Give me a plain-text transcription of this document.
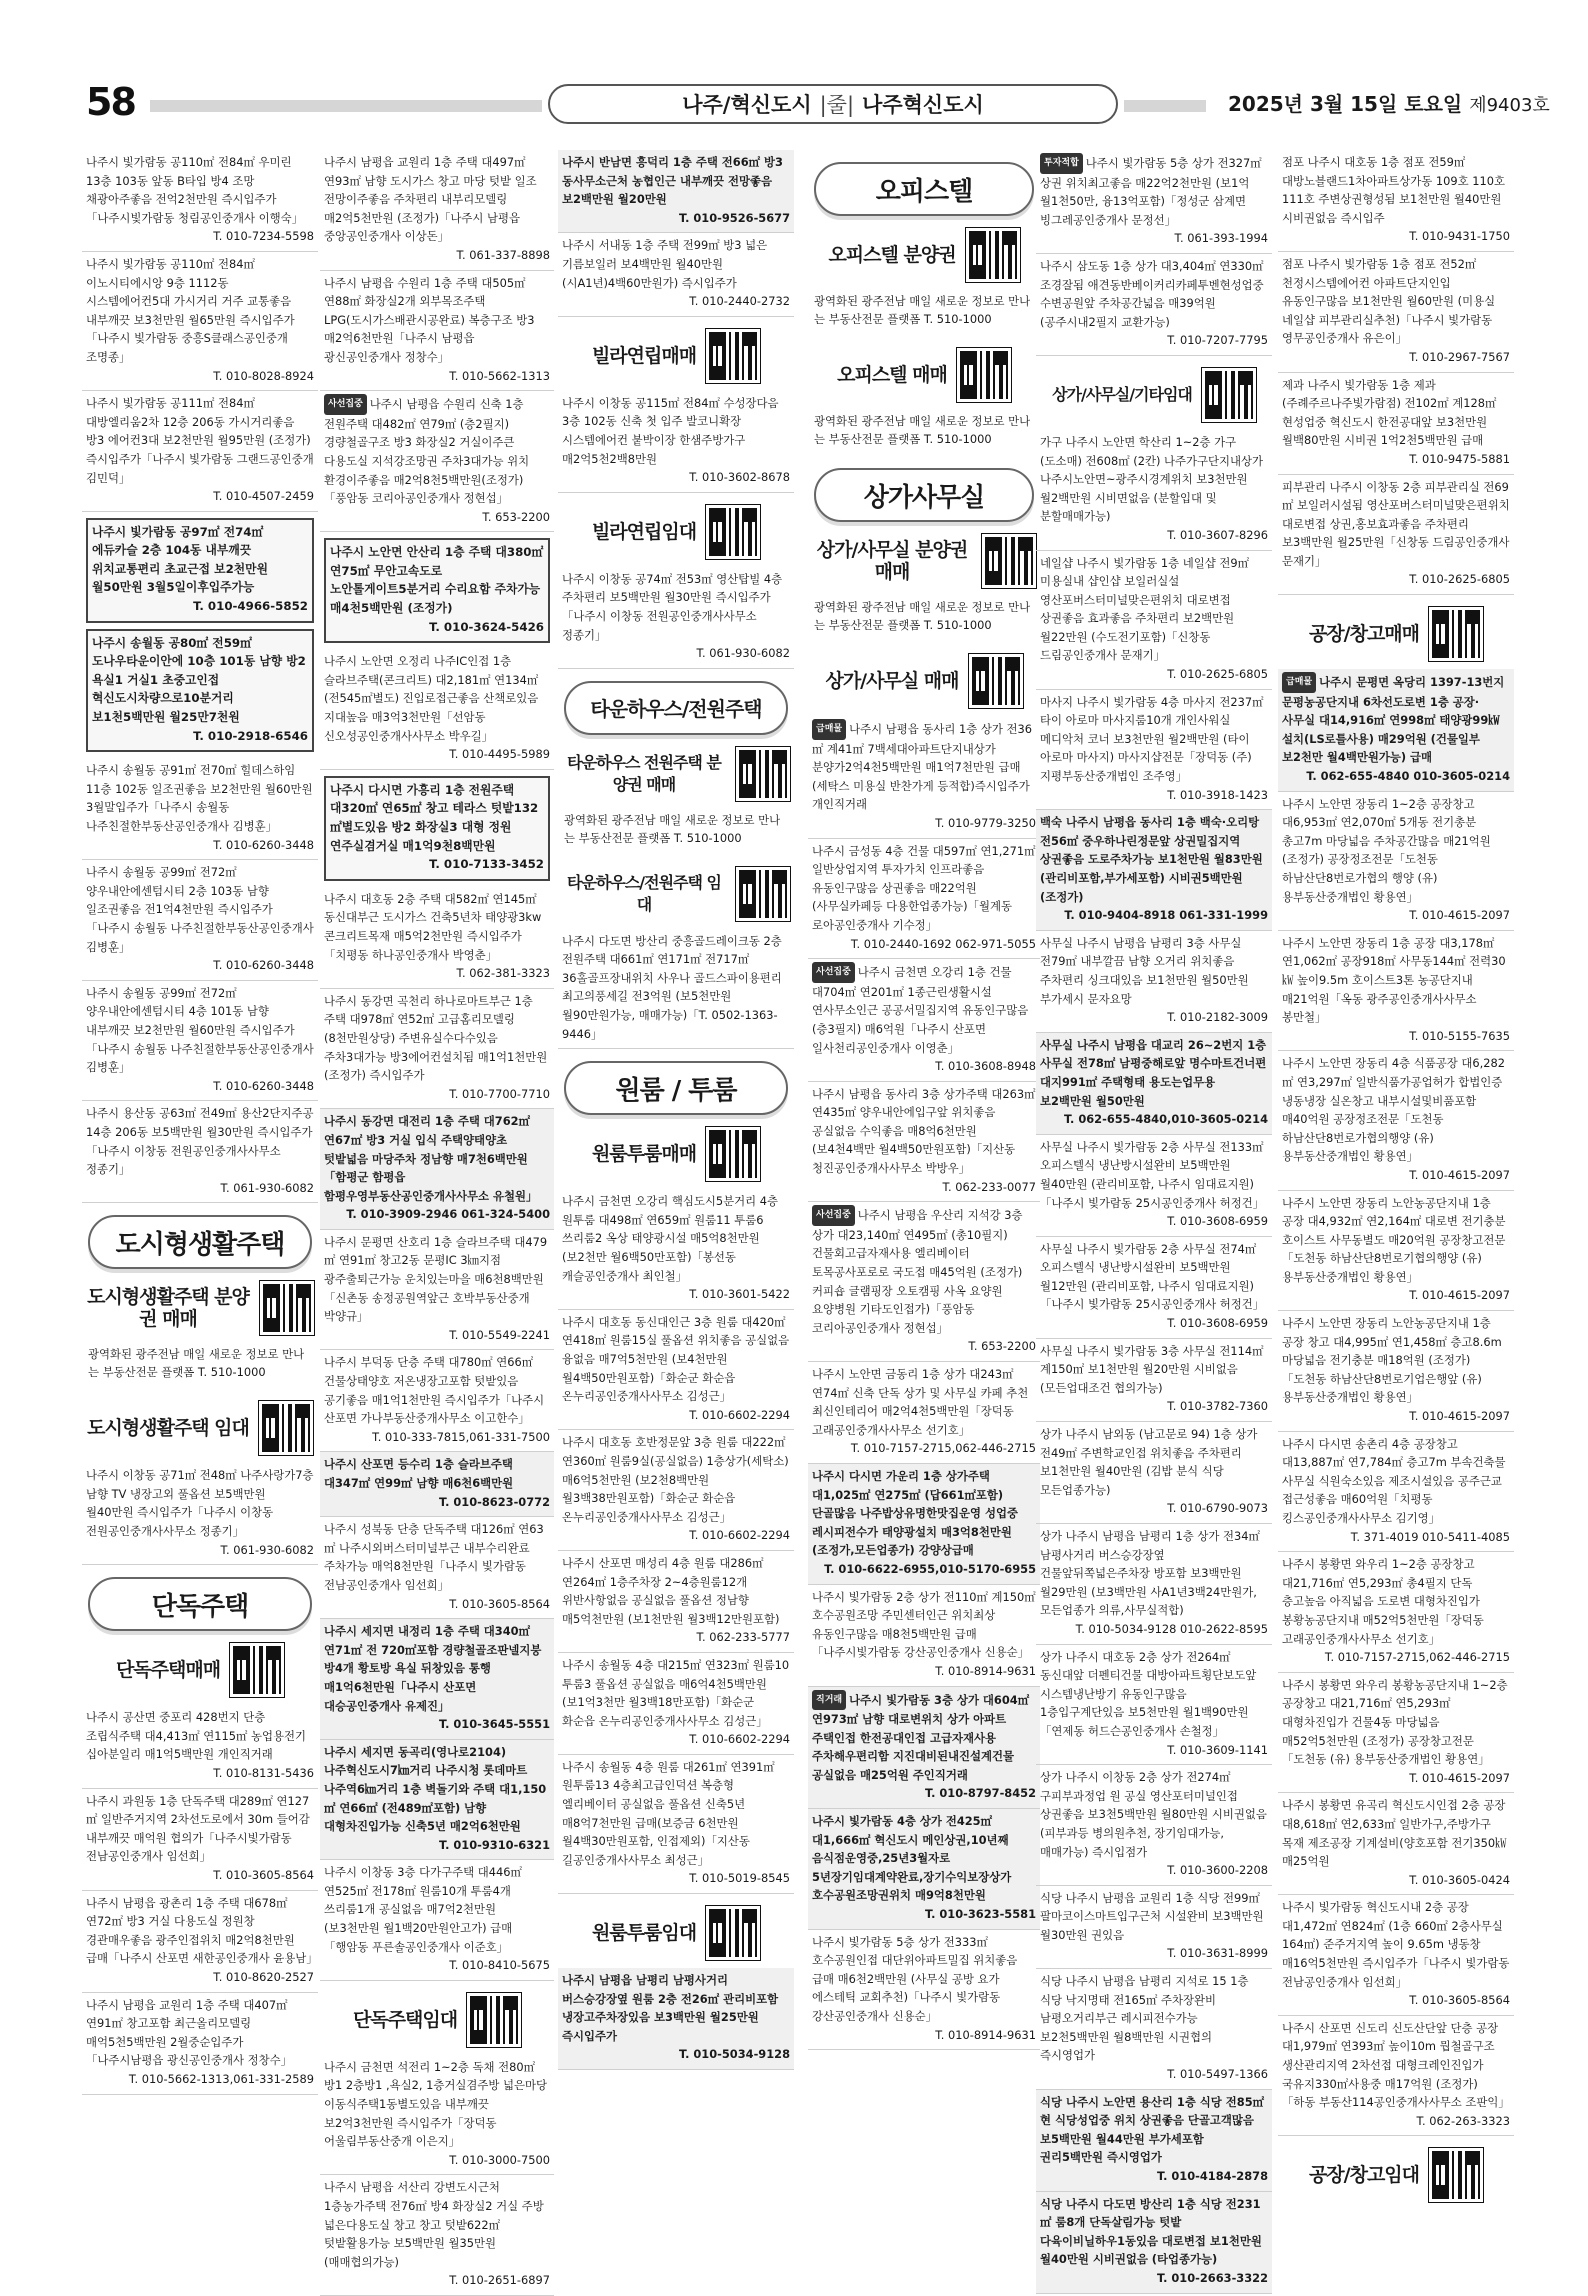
58	나주/혁신도시 |줄| 나주혁신도시	2025년 3월 15일 토요일 제9403호
나주시 빛가람동 공110㎡ 전84㎡ 우미린 13층 103동 앞동 B타입 방4 조망 채광아주좋음 전억2천만원 즉시입주가「나주시빛가람동 청림공인중개사 이행숙」
T. 010-7234-5598
나주시 빛가람동 공110㎡ 전84㎡ 이노시티에시앙 9층 1112동 시스템에어컨5대 가시거리 거주 교통좋음 내부깨끗 보3천만원 월65만원 즉시입주가「나주시 빛가람동 중흥S클래스공인중개 조명종」
T. 010-8028-8924
나주시 빛가람동 공111㎡ 전84㎡ 대방엘리움2차 12층 206동 가시거리좋음 방3 에어컨3대 보2천만원 월95만원 (조정가)즉시입주가「나주시 빛가람동 그랜드공인중개 김민덕」
T. 010-4507-2459
나주시 빛가람동 공97㎡ 전74㎡ 에듀카슬 2층 104동 내부깨끗 위치교통편리 초교근접 보2천만원 월50만원 3월5일이후입주가능
T. 010-4966-5852
나주시 송월동 공80㎡ 전59㎡ 도나우타운이안에 10층 101동 남향 방2 욕실1 거실1 초중고인접 혁신도시차량으로10분거리 보1천5백만원 월25만7천원
T. 010-2918-6546
나주시 송월동 공91㎡ 전70㎡ 힐데스하임 11층 102동 일조권좋음 보2천만원 월60만원 3월말입주가「나주시 송월동 나주친절한부동산공인중개사 김병훈」
T. 010-6260-3448
나주시 송월동 공99㎡ 전72㎡ 양우내안에센텀시티 2층 103동 남향 일조권좋음 전1억4천만원 즉시입주가「나주시 송월동 나주친절한부동산공인중개사 김병훈」
T. 010-6260-3448
나주시 송월동 공99㎡ 전72㎡ 양우내안에센텀시티 4층 101동 남향 내부깨끗 보2천만원 월60만원 즉시입주가「나주시 송월동 나주친절한부동산공인중개사 김병훈」
T. 010-6260-3448
나주시 용산동 공63㎡ 전49㎡ 용산2단지주공 14층 206동 보5백만원 월30만원 즉시입주가「나주시 이창동 전원공인중개사사무소 정종기」
T. 061-930-6082
도시형생활주택
도시형생활주택 분양권 매매
광역화된 광주전남 매일 새로운 정보로 만나는 부동산전문 플랫폼 T. 510-1000
도시형생활주택 임대
나주시 이창동 공71㎡ 전48㎡ 나주사랑가7층 남향 TV 냉장고외 풀옵션 보5백만원 월40만원 즉시입주가「나주시 이창동 전원공인중개사사무소 정종기」
T. 061-930-6082
단독주택
단독주택매매
나주시 공산면 중포리 428번지 단층 조립식주택 대4,413㎡ 연115㎡ 농업용전기 십아분일리 매1억5백만원 개인직거래
T. 010-8131-5436
나주시 과원동 1층 단독주택 대289㎡ 연127㎡ 일반주거지역 2차선도로에서 30m 들어감 내부깨끗 매억원 협의가「나주시빛가람동 전남공인중개사 임선희」
T. 010-3605-8564
나주시 남평읍 광촌리 1층 주택 대678㎡ 연72㎡ 방3 거실 다용도실 정원창 경관매우좋음 광주인접위치 매2억8천만원 급매「나주시 산포면 새한공인중개사 윤용남」
T. 010-8620-2527
나주시 남평읍 교원리 1층 주택 대407㎡ 연91㎡ 창고포함 최근올리모델링 매억5천5백만원 2월중순입주가「나주시남평읍 광신공인중개사 정창수」
T. 010-5662-1313,061-331-2589
나주시 남평읍 교원리 1층 주택 대497㎡ 연93㎡ 남향 도시가스 창고 마당 텃밭 일조 전망이주좋음 주차편리 내부리모델링 매2억5천만원 (조정가)「나주시 남평읍 중앙공인중개사 이상돈」
T. 061-337-8898
나주시 남평읍 수원리 1층 주택 대505㎡ 연88㎡ 화장실2개 외부목조주택 LPG(도시가스배관시공완료) 복층구조 방3 매2억6천만원「나주시 남평읍 광신공인중개사 정창수」
T. 010-5662-1313
사선집중 나주시 남평읍 수원리 신축 1층 전원주택 대482㎡ 연79㎡ (층2필지) 경량철골구조 방3 화장실2 거실이주큰 다용도실 지석강조망권 주차3대가능 위치 환경이주좋음 매2억8천5백만원(조정가)「풍암동 코리아공인중개사 정현섭」
T. 653-2200
나주시 노안면 안산리 1층 주택 대380㎡ 연75㎡ 무안고속도로 노안톨게이트5분거리 수리요함 주차가능 매4천5백만원 (조정가)
T. 010-3624-5426
나주시 노안면 오정리 나주IC인접 1층 슬라브주택(콘크리트) 대2,181㎡ 연134㎡ (전545㎡별도) 진입로접근좋음 산책로있음 지대높음 매3억3천만원「선암동 신오성공인중개사사무소 박우길」
T. 010-4495-5989
나주시 다시면 가흥리 1층 전원주택 대320㎡ 연65㎡ 창고 테라스 텃밭132㎡별도있음 방2 화장실3 대형 정원 연주실겸거실 매1억9천8백만원
T. 010-7133-3452
나주시 대호동 2층 주택 대582㎡ 연145㎡ 동신대부근 도시가스 건축5년차 태양광3kw 콘크리트목재 매5억2천만원 즉시입주가「치평동 하나공인중개사 박영춘」
T. 062-381-3323
나주시 동강면 곡천리 하나로마트부근 1층 주택 대978㎡ 연52㎡ 고급홈리모델링(8천만원상당) 주변유실수다수있음 주차3대가능 방3에어컨설치됨 매1억1천만원(조정가) 즉시입주가
T. 010-7700-7710
나주시 동강면 대전리 1층 주택 대762㎡ 연67㎡ 방3 거실 입식 주택양태양초 텃밭넓음 마당주차 정남향 매7천6백만원「함평군 함평읍 함평우영부동산공인중개사사무소 유철원」
T. 010-3909-2946 061-324-5400
나주시 문평면 산호리 1층 슬라브주택 대479㎡ 연91㎡ 창고2동 문평IC 3㎞지점 광주출퇴근가능 운치있는마을 매6천8백만원「신촌동 송정공원역앞근 호박부동산중개 박양규」
T. 010-5549-2241
나주시 부덕동 단층 주택 대780㎡ 연66㎡ 건물상태양호 저온냉장고포함 텃밭있음 공기좋음 매1억1천만원 즉시입주가「나주시 산포면 가나부동산중개사무소 이고한수」
T. 010-333-7815,061-331-7500
나주시 산포면 등수리 1층 슬라브주택 대347㎡ 연99㎡ 남향 매6천6백만원
T. 010-8623-0772
나주시 성북동 단층 단독주택 대126㎡ 연63㎡ 나주시외버스터미널부근 내부수리완료 주차가능 매억8천만원「나주시 빛가람동 전남공인중개사 임선희」
T. 010-3605-8564
나주시 세지면 내정리 1층 주택 대340㎡ 연71㎡ 전 720㎡포함 경량철골조판넬지붕 방4개 황토방 욕실 뒤창있음 통행 매1억6천만원「나주시 산포면 대승공인중개사 유제진」
T. 010-3645-5551
나주시 세지면 동곡리(영나로2104) 나주혁신도시7㎞거리 나주시청 롯데마트 나주역6㎞거리 1층 벽돌기와 주택 대1,150㎡ 연66㎡ (전489㎡포함) 남향 대형차진입가능 신축5년 매2억6천만원
T. 010-9310-6321
나주시 이창동 3층 다가구주택 대446㎡ 연525㎡ 전178㎡ 원룸10개 투룸4개 쓰리룸1개 공실없음 매7억2천만원 (보3천만원 월1백20만원안고가) 급매「행암동 푸른솔공인중개사 이준호」
T. 010-8410-5675
단독주택임대
나주시 금천면 석전리 1~2층 독채 전80㎡ 방1 2층방1 ,욕실2, 1층거실겸주방 넓은마당 이동식주택1동별도있음 내부깨끗 보2억3천만원 즉시입주가「장덕동 어울림부동산중개 이은지」
T. 010-3000-7500
나주시 남평읍 서산리 강변도시근처 1층농가주택 전76㎡ 방4 화장실2 거실 주방 넓은다용도실 창고 창고 텃밭622㎡텃밭활용가능 보5백만원 월35만원 (매매협의가능)
T. 010-2651-6897
나주시 반남면 흥덕리 1층 주택 전66㎡ 방3 동사무소근처 농협인근 내부깨끗 전망좋음 보2백만원 월20만원
T. 010-9526-5677
나주시 서내동 1층 주택 전99㎡ 방3 넓은 기름보일러 보4백만원 월40만원 (시A1년)4백60만원가) 즉시입주가
T. 010-2440-2732
빌라연립매매
나주시 이창동 공115㎡ 전84㎡ 수성장다음 3층 102동 신축 첫 입주 발코니확장 시스템에어컨 붙박이장 한샘주방가구 매2억5천2백8만원
T. 010-3602-8678
빌라연립임대
나주시 이창동 공74㎡ 전53㎡ 영산탑빌 4층 주차편리 보5백만원 월30만원 즉시입주가「나주시 이창동 전원공인중개사사무소 정종기」
T. 061-930-6082
타운하우스/전원주택
타운하우스 전원주택 분양권 매매
광역화된 광주전남 매일 새로운 정보로 만나는 부동산전문 플랫폼 T. 510-1000
타운하우스/전원주택 임대
나주시 다도면 방산리 중흥골드레이크동 2층 전원주택 대661㎡ 연171㎡ 전717㎡ 36홀골프장내위치 사우나 골드스파이용편리 최고의풍세길 전3억원 (보5천만원 월90만원가능, 매매가능)「T. 0502-1363-9446」
원룸 / 투룸
원룸투룸매매
나주시 금천면 오강리 핵심도시5분거리 4층 원투룸 대498㎡ 연659㎡ 원룸11 투룸6 쓰리룸2 옥상 태양광시설 매5억8천만원(보2천만 월6백50만포함)「봉선동 캐슬공인중개사 최인철」
T. 010-3601-5422
나주시 대호동 동신대인근 3층 원룸 대420㎡ 연418㎡ 원룸15실 풀옵션 위치좋음 공실없음 융없음 매7억5천만원 (보4천만원 월4백50만원포함)「화순군 화순읍 온누리공인중개사사무소 김성근」
T. 010-6602-2294
나주시 대호동 호반정문앞 3층 원룸 대222㎡ 연360㎡ 원룸9실(공실없음) 1층상가(세탁소) 매6억5천만원 (보2천8백만원 월3백38만원포함)「화순군 화순읍 온누리공인중개사사무소 김성근」
T. 010-6602-2294
나주시 산포면 매성리 4층 원룸 대286㎡ 연264㎡ 1층주차장 2~4층원룸12개 위반사항없음 공실없음 풀옵션 정남향 매5억천만원 (보1천만원 월3백12만원포함)
T. 062-233-5777
나주시 송월동 4층 대215㎡ 연323㎡ 원룸10 투룸3 풀옵션 공실없음 매6억4천5백만원(보1억3천만 월3백18만포함)「화순군 화순읍 온누리공인중개사사무소 김성근」
T. 010-6602-2294
나주시 송월동 4층 원룸 대261㎡ 연391㎡ 원투룸13 4층최고급인덕션 복층형 엘리베이터 공실없음 풀옵션 신축5년 매8억7천만원 급매(보증금 6천만원 월4백30만원포함, 인접제외)「지산동 길공인중개사사무소 최성근」
T. 010-5019-8545
원룸투룸임대
나주시 남평읍 남평리 남평사거리 버스승강장옆 원룸 2층 전26㎡ 관리비포함 냉장고주차장있음 보3백만원 월25만원 즉시입주가
T. 010-5034-9128
오피스텔
오피스텔 분양권
광역화된 광주전남 매일 새로운 정보로 만나는 부동산전문 플랫폼 T. 510-1000
오피스텔 매매
광역화된 광주전남 매일 새로운 정보로 만나는 부동산전문 플랫폼 T. 510-1000
상가사무실
상가/사무실 분양권 매매
광역화된 광주전남 매일 새로운 정보로 만나는 부동산전문 플랫폼 T. 510-1000
상가/사무실 매매
급매물 나주시 남평읍 동사리 1층 상가 전36㎡ 계41㎡ 7백세대아파트단지내상가 분양가2억4천5백만원 매1억7천만원 급매 (세탁스 미용실 반찬가게 등적합)즉시입주가 개인직거래
T. 010-9779-3250
나주시 금성동 4층 건물 대597㎡ 연1,271㎡ 일반상업지역 투자가치 인프라좋음 유동인구많음 상권좋음 매22억원 (사무실카페등 다용한업종가능)「월계동 로아공인중개사 기수정」
T. 010-2440-1692 062-971-5055
사선집중 나주시 금천면 오강리 1층 건물 대704㎡ 연201㎡ 1종근린생활시설 연사무소인근 공공서밀집지역 유동인구많음 (층3필지) 매6억원「나주시 산포면 일사천리공인중개사 이영춘」
T. 010-3608-8948
나주시 남평읍 동사리 3층 상가주택 대263㎡ 연435㎡ 양우내안에입구앞 위치좋음 공실없음 수익좋음 매8억6천만원(보4천4백만 월4백50만원포함)「지산동 청진공인중개사사무소 박방우」
T. 062-233-0077
사선집중 나주시 남평읍 우산리 지석강 3층 상가 대23,140㎡ 연495㎡ (총10필지) 건물회고급자재사용 엘리베이터 토목공사포로로 국도접 매45억원 (조정가) 커피숍 글램핑장 오토캠핑 사옥 요양원 요양병원 기타도인접가)「풍암동 코리아공인중개사 정현섭」
T. 653-2200
나주시 노안면 금동리 1층 상가 대243㎡ 연74㎡ 신축 단독 상가 및 사무실 카페 추천 최신인테리어 매2억4천5백만원「장덕동 고래공인중개사사무소 선기호」
T. 010-7157-2715,062-446-2715
나주시 다시면 가운리 1층 상가주택 대1,025㎡ 연275㎡ (답661㎡포함) 단골많음 나주밥상유명한맛집운영 성업중 레시피전수가 태양광설치 매3억8천만원 (조정가,모든업종가) 강양상급매
T. 010-6622-6955,010-5170-6955
나주시 빛가람동 2층 상가 전110㎡ 계150㎡ 호수공원조망 주민센터인근 위치최상 유동인구많음 매8천5백만원 급매「나주시빛가람동 강산공인중개사 신용순」
T. 010-8914-9631
직거래 나주시 빛가람동 3층 상가 대604㎡ 연973㎡ 남향 대로변위치 상가 아파트 주택인접 한전공대인접 고급자재사용 주차해우편리함 지진대비된내진설계건물 공실없음 매25억원 주인직거래
T. 010-8797-8452
나주시 빛가람동 4층 상가 전425㎡ 대1,666㎡ 혁신도시 메인상권,10년째 음식점운영중,25년3월자로 5년장기임대계약완료,장기수익보장상가 호수공원조망권위치 매9억8천만원
T. 010-3623-5581
나주시 빛가람동 5층 상가 전333㎡ 호수공원인접 대단위아파트밀집 위치좋음 급매 매6천2백만원 (사무실 공방 요가 에스테틱 교회추천)「나주시 빛가람동 강산공인중개사 신용순」
T. 010-8914-9631
투자적합 나주시 빛가람동 5층 상가 전327㎡ 상권 위치최고좋음 매22억2천만원 (보1억 월1천50만, 융13억포함)「정성군 삼계면 빙그레공인중개사 문정선」
T. 061-393-1994
나주시 삼도동 1층 상가 대3,404㎡ 연330㎡ 조경잘됨 애견동반베이커리카페투벤현성업중 수변공원앞 주차공간넓음 매39억원 (공주시내2필지 교환가능)
T. 010-7207-7795
상가/사무실/기타임대
가구 나주시 노안면 학산리 1~2층 가구(도소매) 전608㎡ (2칸) 나주가구단지내상가 나주시노안면~광주시경계위치 보3천만원 월2백만원 시비면없음 (분할입대 및 분할매매가능)
T. 010-3607-8296
네일샵 나주시 빛가람동 1층 네일샵 전9㎡ 미용실내 샵인샵 보일러실설 영산포버스터미널맞은편위치 대로변접 상권좋음 효과좋음 주차편리 보2백만원 월22만원 (수도전기포함)「신창동 드림공인중개사 문재기」
T. 010-2625-6805
마사지 나주시 빛가람동 4층 마사지 전237㎡ 타이 아로마 마사지룸10개 개인사워실 메디악처 코너 보3천만원 월2백만원 (타이 아로마 마사지) 마사지샵전문「장덕동 (주)지평부동산중개법인 조주영」
T. 010-3918-1423
백숙 나주시 남평읍 동사리 1층 백숙·오리탕 전56㎡ 중우하나린정문앞 상권밀집지역 상권좋음 도로주차가능 보1천만원 월83만원 (관리비포함,부가세포함) 시비권5백만원 (조정가)
T. 010-9404-8918 061-331-1999
사무실 나주시 남평읍 남평리 3층 사무실 전79㎡ 내부깔끔 남향 오거리 위치좋음 주차편리 싱크대있음 보1천만원 월50만원 부가세시 문자요망
T. 010-2182-3009
사무실 나주시 남평읍 대교리 26~2번지 1층 사무실 전78㎡ 남평중해로앞 명수마트건너편 대지991㎡ 주택형태 용도는업무용 보2백만원 월50만원
T. 062-655-4840,010-3605-0214
사무실 나주시 빛가람동 2층 사무실 전133㎡ 오피스텔식 냉난방시설완비 보5백만원 월40만원 (관리비포함, 나주시 임대료지원)「나주시 빛가람동 25시공인중개사 허정건」
T. 010-3608-6959
사무실 나주시 빛가람동 2층 사무실 전74㎡ 오피스텔식 냉난방시설완비 보5백만원 월12만원 (관리비포함, 나주시 임대료지원)「나주시 빛가람동 25시공인중개사 허정건」
T. 010-3608-6959
사무실 나주시 빛가람동 3층 사무실 전114㎡ 계150㎡ 보1천만원 월20만원 시비없음 (모든업대조건 협의가능)
T. 010-3782-7360
상가 나주시 남외동 (남고문로 94) 1층 상가 전49㎡ 주변학교인접 위치좋음 주차편리 보1천만원 월40만원 (김밥 분식 식당 모든업종가능)
T. 010-6790-9073
상가 나주시 남평읍 남평리 1층 상가 전34㎡ 남평사거리 버스승강장옆 건물앞뒤쪽넓은주차장 방포함 보3백만원 월29만원 (보3백만원 사A1년3백24만원가,모든업종가 의류,사무실적합)
T. 010-5034-9128 010-2622-8595
상가 나주시 대호동 2층 상가 전264㎡ 동신대앞 더펜티건물 대방아파트횡단보도앞 시스템냉난방기 유동인구많음 1층입구계단있음 보5천만원 월1백90만원「연제동 허드슨공인중개사 손철정」
T. 010-3609-1141
상가 나주시 이창동 2층 상가 전274㎡ 구피부과정업 원 공실 영산포터미널인접 상권좋음 보3천5백만원 월80만원 시비권없음 (피부과등 병의원추천, 장기임대가능, 매매가능) 즉시입점가
T. 010-3600-2208
식당 나주시 남평읍 교원리 1층 식당 전99㎡ 팔마코이스마트입구근처 시설완비 보3백만원 월30만원 권있음
T. 010-3631-8999
식당 나주시 남평읍 남평리 지석로 15 1층 식당 낙지명태 전165㎡ 주차장완비 남평오거리부근 레시피전수가능 보2천5백만원 월8백만원 시권협의 즉시영업가
T. 010-5497-1366
식당 나주시 노안면 용산리 1층 식당 전85㎡ 현 식당성업중 위치 상권좋음 단골고객많음 보5백만원 월44만원 부가세포함 권리5백만원 즉시영업가
T. 010-4184-2878
식당 나주시 다도면 방산리 1층 식당 전231㎡ 룸8개 단독살림가능 텃밭 다육이비닐하우1동있음 대로변접 보1천만원 월40만원 시비권없음 (타업종가능)
T. 010-2663-3322
점포 나주시 대호동 1층 점포 전59㎡ 대방노블랜드1차아파트상가동 109호 110호 111호 주변상권형성됨 보1천만원 월40만원 시비권없음 즉시입주
T. 010-9431-1750
점포 나주시 빛가람동 1층 점포 전52㎡ 천정시스템에어컨 아파트단지인입 유동인구많음 보1천만원 월60만원 (미용실 네일샵 피부관리실추천)「나주시 빛가람동 영무공인중개사 유은이」
T. 010-2967-7567
제과 나주시 빛가람동 1층 제과(주례주르나주빛가람점) 전102㎡ 계128㎡ 현성업중 혁신도시 한전공대앞 보3천만원 월백80만원 시비권 1억2천5백만원 급매
T. 010-9475-5881
피부관리 나주시 이창동 2층 피부관리실 전69㎡ 보일러시설됨 영산포버스터미널맞은편위치 대로변접 상권,홍보효과좋음 주차편리 보3백만원 월25만원「신창동 드림공인중개사 문재기」
T. 010-2625-6805
공장/창고매매
급매물 나주시 문평면 옥당리 1397-13번지 문평농공단지내 6차선도로변 1층 공장·사무실 대14,916㎡ 연998㎡ 태양광99㎾설치(LS로틀사용) 매29억원 (건물일부 보2천만 월4백만원가능) 급매
T. 062-655-4840 010-3605-0214
나주시 노안면 장동리 1~2층 공장창고 대6,953㎡ 연2,070㎡ 5개동 전기총분 총고7m 마당넓음 주차공간많음 매21억원 (조정가) 공장정조전문「도천동 하남산단8번로가협의 행양 (유) 용부동산중개법인 황용연」
T. 010-4615-2097
나주시 노안면 장동리 1층 공장 대3,178㎡ 연1,062㎡ 공장918㎡ 사무동144㎡ 전력30㎾ 높이9.5m 호이스트3톤 농공단지내 매21억원「옥동 광주공인중개사사무소 봉만철」
T. 010-5155-7635
나주시 노안면 장동리 4층 식품공장 대6,282㎡ 연3,297㎡ 일반식품가공업허가 합법인증 냉동냉장 실온창고 내부시설및비품포함 매40억원 공장정조전문「도천동 하남산단8번로가협의행양 (유) 용부동산중개법인 황용연」
T. 010-4615-2097
나주시 노안면 장동리 노안농공단지내 1층 공장 대4,932㎡ 연2,164㎡ 대로변 전기충분 호이스트 사무동별도 매20억원 공장창고전문「도천동 하남산단8번로기협의행양 (유) 용부동산중개법인 황용연」
T. 010-4615-2097
나주시 노안면 장동리 노안농공단지내 1층 공장 창고 대4,995㎡ 연1,458㎡ 층고8.6m 마당넓음 전기충분 매18억원 (조정가)「도천동 하남산단8번로기업은행앞 (유) 용부동산중개법인 황용연」
T. 010-4615-2097
나주시 다시면 송촌리 4층 공장창고 대13,887㎡ 연7,784㎡ 층고7m 부속건축물 사무실 식원숙소있음 제조시설있음 공주근교 접근성좋음 매60억원「치평동 킹스공인중개사사무소 김기영」
T. 371-4019 010-5411-4085
나주시 봉황면 와우리 1~2층 공장창고 대21,716㎡ 연5,293㎡ 총4필지 단독 층고높음 아직넓음 도로변 대형차진입가 봉황농공단지내 매52억5천만원「장덕동 고래공인중개사사무소 선기호」
T. 010-7157-2715,062-446-2715
나주시 봉황면 와우리 봉황농공단지내 1~2층 공장창고 대21,716㎡ 연5,293㎡ 대형차진입가 건물4동 마당넓음 매52억5천만원 (조정가) 공장창고전문「도천동 (유) 용부동산중개법인 황용연」
T. 010-4615-2097
나주시 봉황면 유곡리 혁신도시인접 2층 공장 대8,618㎡ 연2,633㎡ 일반가구,주방가구 목재 제조공장 기계설비(양호포함 전기350㎾ 매25억원
T. 010-3605-0424
나주시 빛가람동 혁신도시내 2층 공장 대1,472㎡ 연824㎡ (1층 660㎡ 2층사무실 164㎡) 준주거지역 높이 9.65m 냉동창 매16억5천만원 즉시입주가「나주시 빛가람동 전남공인중개사 임선희」
T. 010-3605-8564
나주시 산포면 신도리 신도산단앞 단층 공장 대1,979㎡ 연393㎡ 높이10m 뭡철골구조 생산관리지역 2차선접 대형크레인진입가 국유지330㎡사용중 매17억원 (조정가)「하동 부동산114공인중개사사무소 조판익」
T. 062-263-3323
공장/창고임대
